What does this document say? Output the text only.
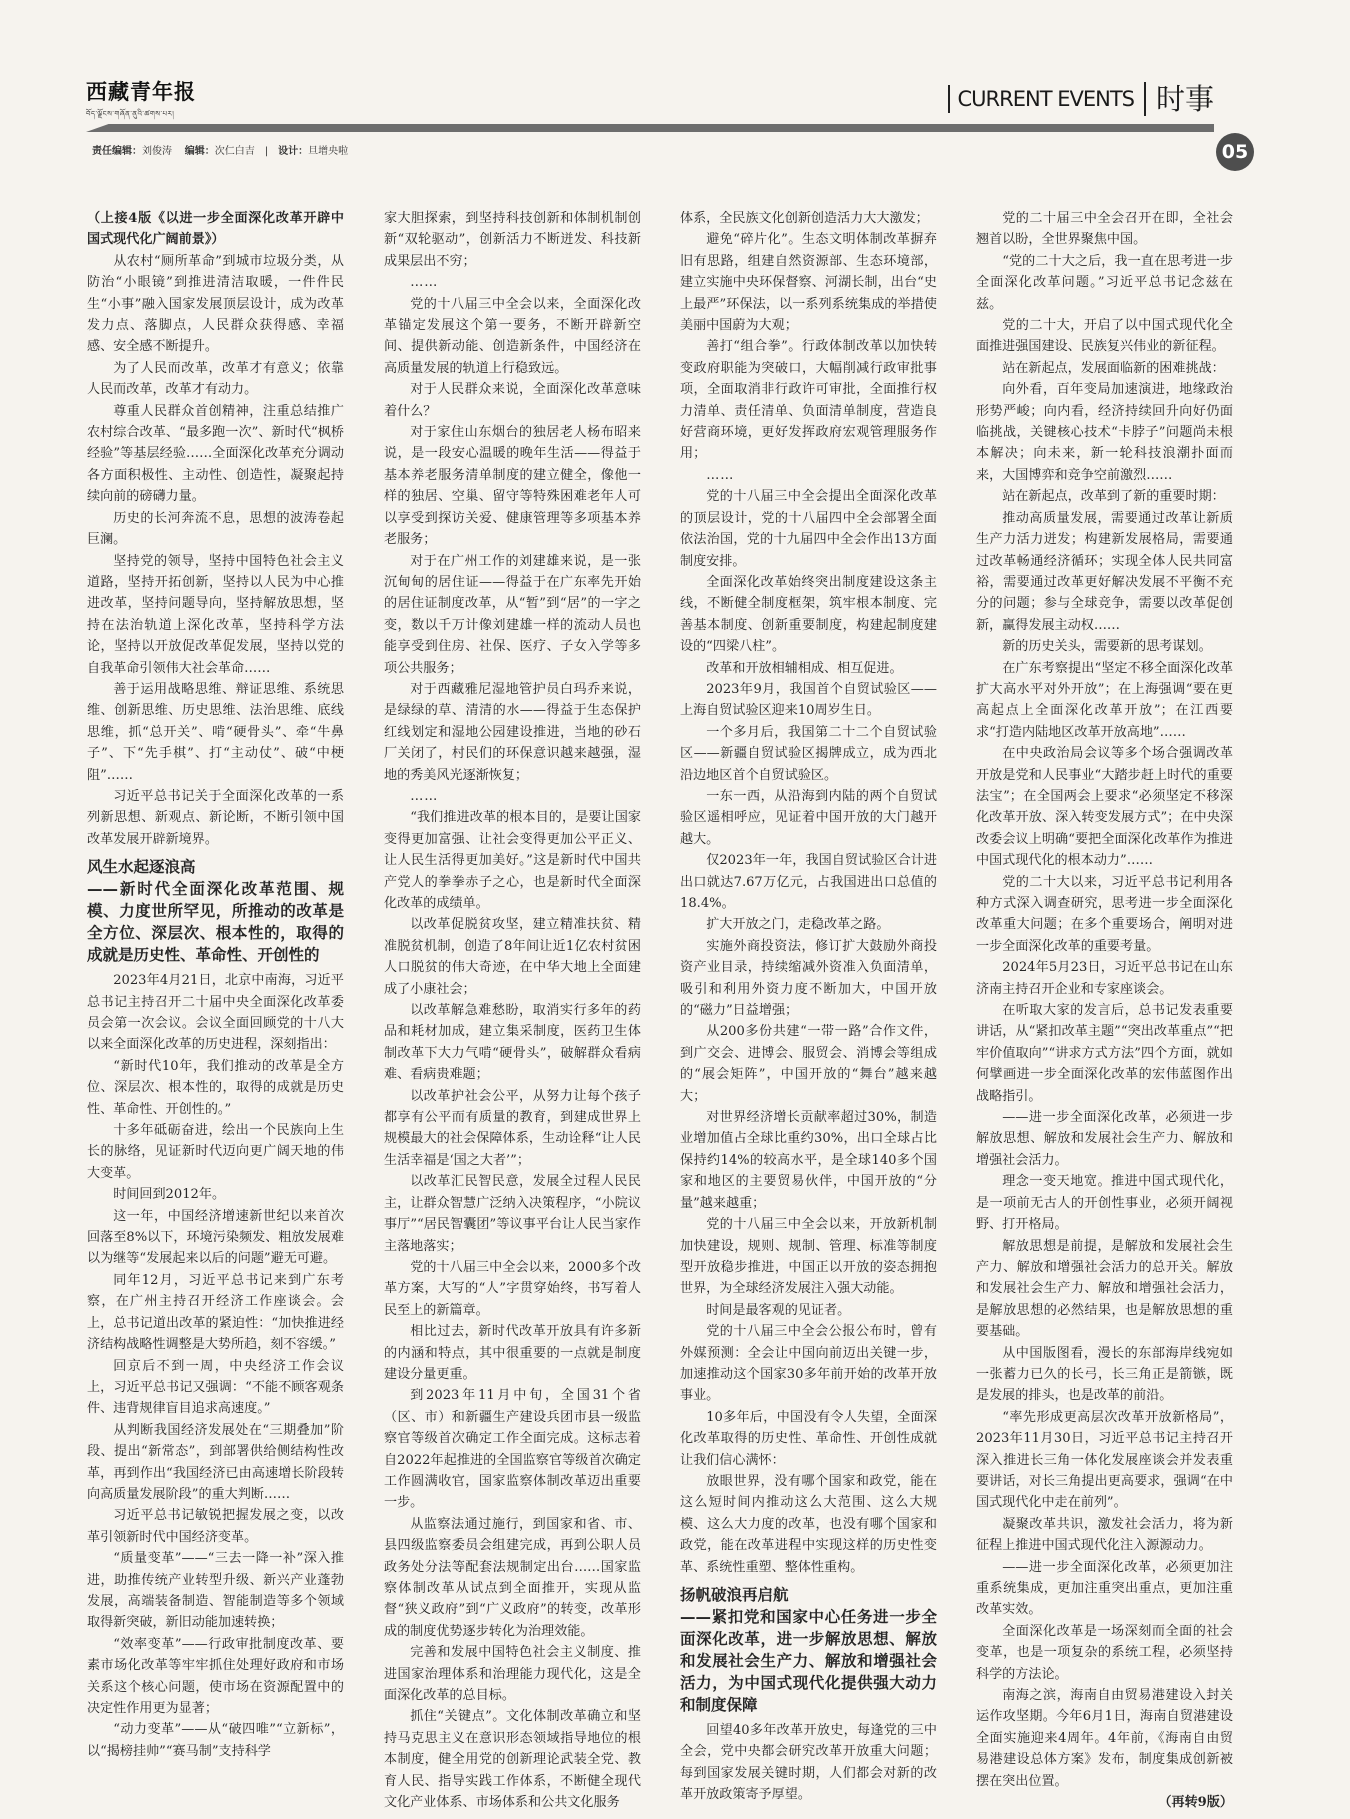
西藏青年报
བོད་ལྗོངས་གཞོན་ནུའི་ཚགས་པར།
CURRENT EVENTS 时事
05
责任编辑：刘俊涛 编辑：次仁白吉 | 设计：旦增央啦

（上接4版《以进一步全面深化改革开辟中国式现代化广阔前景》）

从农村“厕所革命”到城市垃圾分类，从防治“小眼镜”到推进清洁取暖，一件件民生“小事”融入国家发展顶层设计，成为改革发力点、落脚点，人民群众获得感、幸福感、安全感不断提升。

为了人民而改革，改革才有意义；依靠人民而改革，改革才有动力。

尊重人民群众首创精神，注重总结推广农村综合改革、“最多跑一次”、新时代“枫桥经验”等基层经验……全面深化改革充分调动各方面积极性、主动性、创造性，凝聚起持续向前的磅礴力量。

历史的长河奔流不息，思想的波涛卷起巨澜。

坚持党的领导，坚持中国特色社会主义道路，坚持开拓创新，坚持以人民为中心推进改革，坚持问题导向，坚持解放思想，坚持在法治轨道上深化改革，坚持科学方法论，坚持以开放促改革促发展，坚持以党的自我革命引领伟大社会革命……

善于运用战略思维、辩证思维、系统思维、创新思维、历史思维、法治思维、底线思维，抓“总开关”、啃“硬骨头”、牵“牛鼻子”、下“先手棋”、打“主动仗”、破“中梗阻”……

习近平总书记关于全面深化改革的一系列新思想、新观点、新论断，不断引领中国改革发展开辟新境界。

风生水起逐浪高
——新时代全面深化改革范围、规模、力度世所罕见，所推动的改革是全方位、深层次、根本性的，取得的成就是历史性、革命性、开创性的

2023年4月21日，北京中南海，习近平总书记主持召开二十届中央全面深化改革委员会第一次会议。会议全面回顾党的十八大以来全面深化改革的历史进程，深刻指出：

“新时代10年，我们推动的改革是全方位、深层次、根本性的，取得的成就是历史性、革命性、开创性的。”

十多年砥砺奋进，绘出一个民族向上生长的脉络，见证新时代迈向更广阔天地的伟大变革。

时间回到2012年。

这一年，中国经济增速新世纪以来首次回落至8%以下，环境污染频发、粗放发展难以为继等“发展起来以后的问题”避无可避。

同年12月，习近平总书记来到广东考察，在广州主持召开经济工作座谈会。会上，总书记道出改革的紧迫性：“加快推进经济结构战略性调整是大势所趋，刻不容缓。”

回京后不到一周，中央经济工作会议上，习近平总书记又强调：“不能不顾客观条件、违背规律盲目追求高速度。”

从判断我国经济发展处在“三期叠加”阶段、提出“新常态”，到部署供给侧结构性改革，再到作出“我国经济已由高速增长阶段转向高质量发展阶段”的重大判断……

习近平总书记敏锐把握发展之变，以改革引领新时代中国经济变革。

“质量变革”——“三去一降一补”深入推进，助推传统产业转型升级、新兴产业蓬勃发展，高端装备制造、智能制造等多个领域取得新突破，新旧动能加速转换；

“效率变革”——行政审批制度改革、要素市场化改革等牢牢抓住处理好政府和市场关系这个核心问题，使市场在资源配置中的决定性作用更为显著；

“动力变革”——从“破四唯”“立新标”，以“揭榜挂帅”“赛马制”支持科学

家大胆探索，到坚持科技创新和体制机制创新“双轮驱动”，创新活力不断迸发、科技新成果层出不穷；

……

党的十八届三中全会以来，全面深化改革锚定发展这个第一要务，不断开辟新空间、提供新动能、创造新条件，中国经济在高质量发展的轨道上行稳致远。

对于人民群众来说，全面深化改革意味着什么？

对于家住山东烟台的独居老人杨布昭来说，是一段安心温暖的晚年生活——得益于基本养老服务清单制度的建立健全，像他一样的独居、空巢、留守等特殊困难老年人可以享受到探访关爱、健康管理等多项基本养老服务；

对于在广州工作的刘建雄来说，是一张沉甸甸的居住证——得益于在广东率先开始的居住证制度改革，从“暂”到“居”的一字之变，数以千万计像刘建雄一样的流动人员也能享受到住房、社保、医疗、子女入学等多项公共服务；

对于西藏雅尼湿地管护员白玛乔来说，是绿绿的草、清清的水——得益于生态保护红线划定和湿地公园建设推进，当地的砂石厂关闭了，村民们的环保意识越来越强，湿地的秀美风光逐渐恢复；

……

“我们推进改革的根本目的，是要让国家变得更加富强、让社会变得更加公平正义、让人民生活得更加美好。”这是新时代中国共产党人的拳拳赤子之心，也是新时代全面深化改革的成绩单。

以改革促脱贫攻坚，建立精准扶贫、精准脱贫机制，创造了8年间让近1亿农村贫困人口脱贫的伟大奇迹，在中华大地上全面建成了小康社会；

以改革解急难愁盼，取消实行多年的药品和耗材加成，建立集采制度，医药卫生体制改革下大力气啃“硬骨头”，破解群众看病难、看病贵难题；

以改革护社会公平，从努力让每个孩子都享有公平而有质量的教育，到建成世界上规模最大的社会保障体系，生动诠释“让人民生活幸福是‘国之大者’”；

以改革汇民智民意，发展全过程人民民主，让群众智慧广泛纳入决策程序，“小院议事厅”“居民智囊团”等议事平台让人民当家作主落地落实；

党的十八届三中全会以来，2000多个改革方案，大写的“人”字贯穿始终，书写着人民至上的新篇章。

相比过去，新时代改革开放具有许多新的内涵和特点，其中很重要的一点就是制度建设分量更重。

到2023年11月中旬，全国31个省（区、市）和新疆生产建设兵团市县一级监察官等级首次确定工作全面完成。这标志着自2022年起推进的全国监察官等级首次确定工作圆满收官，国家监察体制改革迈出重要一步。

从监察法通过施行，到国家和省、市、县四级监察委员会组建完成，再到公职人员政务处分法等配套法规制定出台……国家监察体制改革从试点到全面推开，实现从监督“狭义政府”到“广义政府”的转变，改革形成的制度优势逐步转化为治理效能。

完善和发展中国特色社会主义制度、推进国家治理体系和治理能力现代化，这是全面深化改革的总目标。

抓住“关键点”。文化体制改革确立和坚持马克思主义在意识形态领域指导地位的根本制度，健全用党的创新理论武装全党、教育人民、指导实践工作体系，不断健全现代文化产业体系、市场体系和公共文化服务

体系，全民族文化创新创造活力大大激发；

避免“碎片化”。生态文明体制改革摒弃旧有思路，组建自然资源部、生态环境部，建立实施中央环保督察、河湖长制，出台“史上最严”环保法，以一系列系统集成的举措使美丽中国蔚为大观；

善打“组合拳”。行政体制改革以加快转变政府职能为突破口，大幅削减行政审批事项，全面取消非行政许可审批，全面推行权力清单、责任清单、负面清单制度，营造良好营商环境，更好发挥政府宏观管理服务作用；

……

党的十八届三中全会提出全面深化改革的顶层设计，党的十八届四中全会部署全面依法治国，党的十九届四中全会作出13方面制度安排。

全面深化改革始终突出制度建设这条主线，不断健全制度框架，筑牢根本制度、完善基本制度、创新重要制度，构建起制度建设的“四梁八柱”。

改革和开放相辅相成、相互促进。

2023年9月，我国首个自贸试验区——上海自贸试验区迎来10周岁生日。

一个多月后，我国第二十二个自贸试验区——新疆自贸试验区揭牌成立，成为西北沿边地区首个自贸试验区。

一东一西，从沿海到内陆的两个自贸试验区遥相呼应，见证着中国开放的大门越开越大。

仅2023年一年，我国自贸试验区合计进出口就达7.67万亿元，占我国进出口总值的18.4%。

扩大开放之门，走稳改革之路。

实施外商投资法，修订扩大鼓励外商投资产业目录，持续缩减外资准入负面清单，吸引和利用外资力度不断加大，中国开放的“磁力”日益增强；

从200多份共建“一带一路”合作文件，到广交会、进博会、服贸会、消博会等组成的“展会矩阵”，中国开放的“舞台”越来越大；

对世界经济增长贡献率超过30%，制造业增加值占全球比重约30%，出口全球占比保持约14%的较高水平，是全球140多个国家和地区的主要贸易伙伴，中国开放的“分量”越来越重；

党的十八届三中全会以来，开放新机制加快建设，规则、规制、管理、标准等制度型开放稳步推进，中国正以开放的姿态拥抱世界，为全球经济发展注入强大动能。

时间是最客观的见证者。

党的十八届三中全会公报公布时，曾有外媒预测：全会让中国向前迈出关键一步，加速推动这个国家30多年前开始的改革开放事业。

10多年后，中国没有令人失望，全面深化改革取得的历史性、革命性、开创性成就让我们信心满怀：

放眼世界，没有哪个国家和政党，能在这么短时间内推动这么大范围、这么大规模、这么大力度的改革，也没有哪个国家和政党，能在改革进程中实现这样的历史性变革、系统性重塑、整体性重构。

扬帆破浪再启航
——紧扣党和国家中心任务进一步全面深化改革，进一步解放思想、解放和发展社会生产力、解放和增强社会活力，为中国式现代化提供强大动力和制度保障

回望40多年改革开放史，每逢党的三中全会，党中央都会研究改革开放重大问题；每到国家发展关键时期，人们都会对新的改革开放政策寄予厚望。

党的二十届三中全会召开在即，全社会翘首以盼，全世界聚焦中国。

“党的二十大之后，我一直在思考进一步全面深化改革问题。”习近平总书记念兹在兹。

党的二十大，开启了以中国式现代化全面推进强国建设、民族复兴伟业的新征程。

站在新起点，发展面临新的困难挑战：

向外看，百年变局加速演进，地缘政治形势严峻；向内看，经济持续回升向好仍面临挑战，关键核心技术“卡脖子”问题尚未根本解决；向未来，新一轮科技浪潮扑面而来，大国博弈和竞争空前激烈……

站在新起点，改革到了新的重要时期：

推动高质量发展，需要通过改革让新质生产力活力迸发；构建新发展格局，需要通过改革畅通经济循环；实现全体人民共同富裕，需要通过改革更好解决发展不平衡不充分的问题；参与全球竞争，需要以改革促创新，赢得发展主动权……

新的历史关头，需要新的思考谋划。

在广东考察提出“坚定不移全面深化改革扩大高水平对外开放”；在上海强调“要在更高起点上全面深化改革开放”；在江西要求“打造内陆地区改革开放高地”……

在中央政治局会议等多个场合强调改革开放是党和人民事业“大踏步赶上时代的重要法宝”；在全国两会上要求“必须坚定不移深化改革开放、深入转变发展方式”；在中央深改委会议上明确“要把全面深化改革作为推进中国式现代化的根本动力”……

党的二十大以来，习近平总书记利用各种方式深入调查研究，思考进一步全面深化改革重大问题；在多个重要场合，阐明对进一步全面深化改革的重要考量。

2024年5月23日，习近平总书记在山东济南主持召开企业和专家座谈会。

在听取大家的发言后，总书记发表重要讲话，从“紧扣改革主题”“突出改革重点”“把牢价值取向”“讲求方式方法”四个方面，就如何擘画进一步全面深化改革的宏伟蓝图作出战略指引。

——进一步全面深化改革，必须进一步解放思想、解放和发展社会生产力、解放和增强社会活力。

理念一变天地宽。推进中国式现代化，是一项前无古人的开创性事业，必须开阔视野、打开格局。

解放思想是前提，是解放和发展社会生产力、解放和增强社会活力的总开关。解放和发展社会生产力、解放和增强社会活力，是解放思想的必然结果，也是解放思想的重要基础。

从中国版图看，漫长的东部海岸线宛如一张蓄力已久的长弓，长三角正是箭镞，既是发展的排头，也是改革的前沿。

“率先形成更高层次改革开放新格局”，2023年11月30日，习近平总书记主持召开深入推进长三角一体化发展座谈会并发表重要讲话，对长三角提出更高要求，强调“在中国式现代化中走在前列”。

凝聚改革共识，激发社会活力，将为新征程上推进中国式现代化注入源源动力。

——进一步全面深化改革，必须更加注重系统集成，更加注重突出重点，更加注重改革实效。

全面深化改革是一场深刻而全面的社会变革，也是一项复杂的系统工程，必须坚持科学的方法论。

南海之滨，海南自由贸易港建设入封关运作攻坚期。今年6月1日，海南自贸港建设全面实施迎来4周年。4年前，《海南自由贸易港建设总体方案》发布，制度集成创新被摆在突出位置。

（再转9版）
